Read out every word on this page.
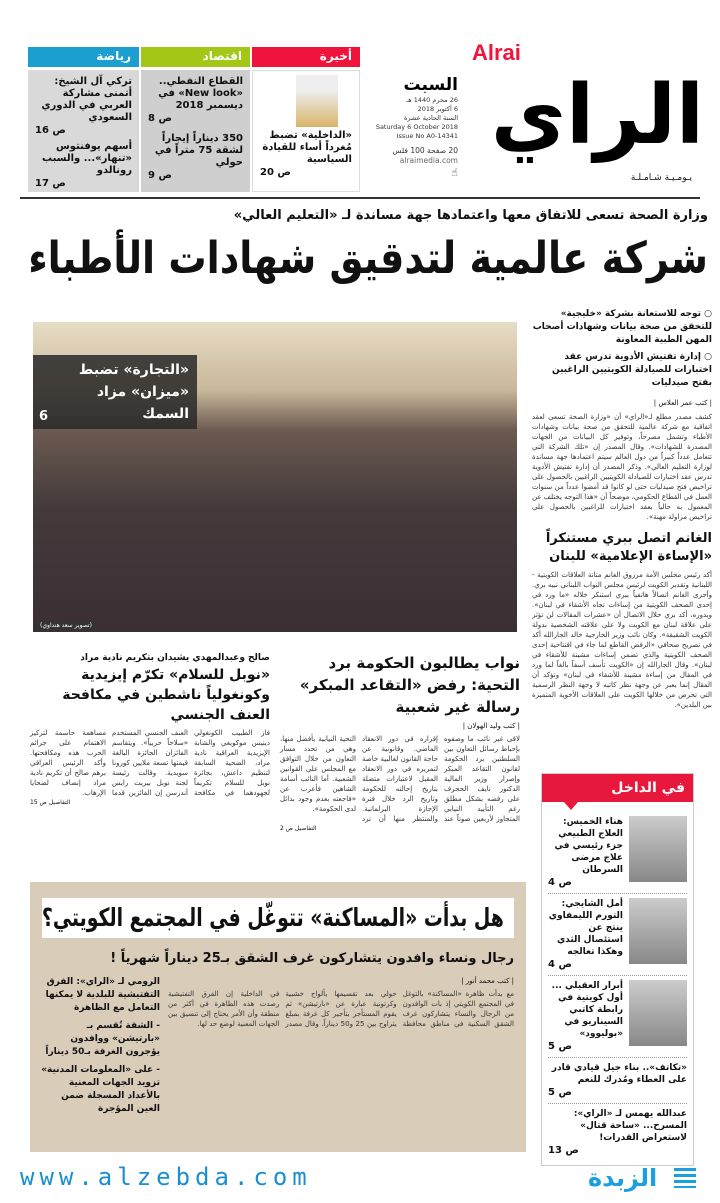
Alrai
الراي
يـومـيـة شـامـلـة
السبت
26 محرم 1440 هـ
6 أكتوبر 2018
السنة الحادية عشرة
Saturday 6 October 2018
Issue No A0-14341
20 صفحة 100 فلس
alraimedia.com
☝
أخيرة
اقتصاد
رياضة
«الداخلية» تضبط مُغرداً أساء للقيادة السياسية
ص 20
القطاع النفطي.. «New look» في ديسمبر 2018
ص 8
350 ديناراً إيجاراً لشقة 75 متراً في حولي
ص 9
تركي آل الشيخ: أتمنى مشاركة العربي في الدوري السعودي
ص 16
أسهم يوفنتوس «تنهار»... والسبب رونالدو
ص 17
وزارة الصحة تسعى للاتفاق معها واعتمادها جهة مساندة لـ «التعليم العالي»
شركة عالمية لتدقيق شهادات الأطباء
«التجارة» تضبط «ميزان» مزاد السمك
6
(تصوير سعد هنداوي)
○ توجه للاستعانة بشركة «خليجية» للتحقق من صحة بيانات وشهادات أصحاب المهن الطبية المعاونة
○ إدارة تفتيش الأدوية تدرس عقد اختبارات للصيادلة الكويتيين الراغبين بفتح صيدليات
| كتب عمر العلاس |
كشف مصدر مطلع لـ«الراي» أن «وزارة الصحة تسعى لعقد اتفاقية مع شركة عالمية للتحقق من صحة بيانات وشهادات الأطباء وتشمل مصرحاً، وتوفير كل البيانات من الجهات المصدرة للشهادات». وقال المصدر إن «تلك الشركة التي تتعامل عدداً كبيراً من دول العالم سيتم اعتمادها جهة مساندة لوزارة التعليم العالي». وذكر المصدر أن إدارة تفتيش الأدوية تدرس عقد اختبارات للصيادلة الكويتيين الراغبين بالحصول على تراخيص فتح صيدليات حتى لو كانوا قد أمضوا عدداً من سنوات العمل في القطاع الحكومي، موضحاً أن «هذا التوجه يختلف عن المعمول به حالياً بعقد اختبارات للراغبين بالحصول على تراخيص مزاولة مهنة».
الغانم اتصل ببري مستنكراً «الإساءة الإعلامية» للبنان
أكد رئيس مجلس الأمة مرزوق الغانم متانة العلاقات الكويتية - اللبنانية وتقدير الكويت لرئيس مجلس النواب اللبناني نبيه بري. وأجرى الغانم اتصالاً هاتفياً ببري استنكر خلاله «ما ورد في إحدى الصحف الكويتية من إساءات تجاه الأشقاء في لبنان». وبدوره، أكد بري خلال الاتصال أن «عشرات المقالات لن تؤثر على علاقة لبنان مع الكويت ولا على علاقته الشخصية بدولة الكويت الشقيقة». وكان نائب وزير الخارجية خالد الجارالله أكد في تصريح صحافي «الرفض القاطع لما جاء في افتتاحية إحدى الصحف الكويتية والذي تضمن إساءات مشينة للأشقاء في لبنان». وقال الجارالله إن «الكويت تأسف أسفاً بالغاً لما ورد في المقال من إساءة مشينة للأشقاء في لبنان» وتؤكد أن المقال إنما يعبر عن وجهة نظر كاتبه لا وجهة النظر الرسمية التي تحرص من خلالها الكويت على العلاقات الأخوية المتميزة بين البلدين».
نواب يطالبون الحكومة برد التحية: رفض «التقاعد المبكر» رسالة غير شعبية
| كتب وليد الهولان |
لاقى غير نائب ما وصفوه بإحباط رسائل التعاون بين السلطتين برد الحكومة لقانون التقاعد المبكر وإصرار وزير المالية الدكتور نايف الحجرف على رفضه بشكل مطلق رغم التأييد النيابي المتجاوز لأربعين صوتاً عند إقراره في دور الانعقاد الماضي. وقانونية عن حاجة القانون لغالبية خاصة لتمريره في دور الانعقاد المقبل لاعتبارات متصلة بتاريخ إحالته للحكومة وتاريخ الرد خلال فترة الإجازة البرلمانية. والمنتظر منها أن ترد التحية النيابية بأفضل منها، وهي من تحدد مسار التعاون من خلال التوافق مع المجلس على القوانين الشعبية. أما النائب أسامة الشاهين فأعرب عن «فاجعته بعدم وجود بدائل لدى الحكومة».
التفاصيل ص 2
صالح وعبدالمهدي يشيدان بتكريم نادية مراد
«نوبل للسلام» تكرّم إيزيدية وكونغولياً ناشطين في مكافحة العنف الجنسي
فاز الطبيب الكونغولي دينيس موكويغي والشابة الإيزيدية العراقية نادية مراد، الضحية السابقة لتنظيم داعش، بجائزة نوبل للسلام تكريماً لجهودهما في مكافحة العنف الجنسي المستخدم «سلاحاً حربياً». ويتقاسم الفائزان الجائزة البالغة قيمتها تسعة ملايين كورونا سويدية. وقالت رئيسة لجنة نوبل بيريت رايس أندرسن إن الفائزين قدما مساهمة حاسمة لتركيز الاهتمام على جرائم الحرب هذه ومكافحتها. وأكد الرئيس العراقي برهم صالح أن تكريم نادية مراد إنصاف لضحايا الإرهاب.
التفاصيل ص 15
في الداخل
هناء الخميس: العلاج الطبيعي جزء رئيسي في علاج مرضى السرطان
ص 4
أمل الشايجي: التورم الليمفاوي ينتج عن استئصال الثدي وهكذا تعالجه
ص 4
أبرار العقيلي ... أول كويتية في رابطة كاتبي السيناريو في «بوليوود»
ص 5
«تكاتف».. بناء جيل قيادي قادر على العطاء ومُدرك للنعم
ص 5
عبدالله يهمس لـ «الراي»: المسرح... «ساحة قتال» لاستعراض القدرات!
ص 13
هل بدأت «المساكنة» تتوغّل في المجتمع الكويتي؟
رجال ونساء وافدون يتشاركون غرف الشقق بـ25 ديناراً شهرياً !
| كتب محمد أنور |
مع بدأت ظاهرة «المساكنة» بالتوغل في المجتمع الكويتي إذ بات الوافدون من الرجال والنساء يتشاركون غرف الشقق السكنية في مناطق محافظة حولي بعد تقسيمها بألواح خشبية وكرتونية عبارة عن «بارتيشن» ثم يقوم المستأجر بتأجير كل غرفة بمبلغ يتراوح بين 25 و50 ديناراً. وقال مصدر في الداخلية إن الفرق التفتيشية رصدت هذه الظاهرة في أكثر من منطقة وأن الأمر يحتاج إلى تنسيق بين الجهات المعنية لوضع حد لها.
الرومي لـ «الراي»: الفرق التفتيشية للبلدية لا يمكنها التعامل مع الظاهرة
- الشقة تُقسم بـ «بارتيشن» ووافدون يؤجرون الغرفة بـ50 ديناراً
- على «المعلومات المدنية» تزويد الجهات المعنية بالأعداد المسجلة ضمن العين المؤجرة
www.alzebda.com	الزبدة
